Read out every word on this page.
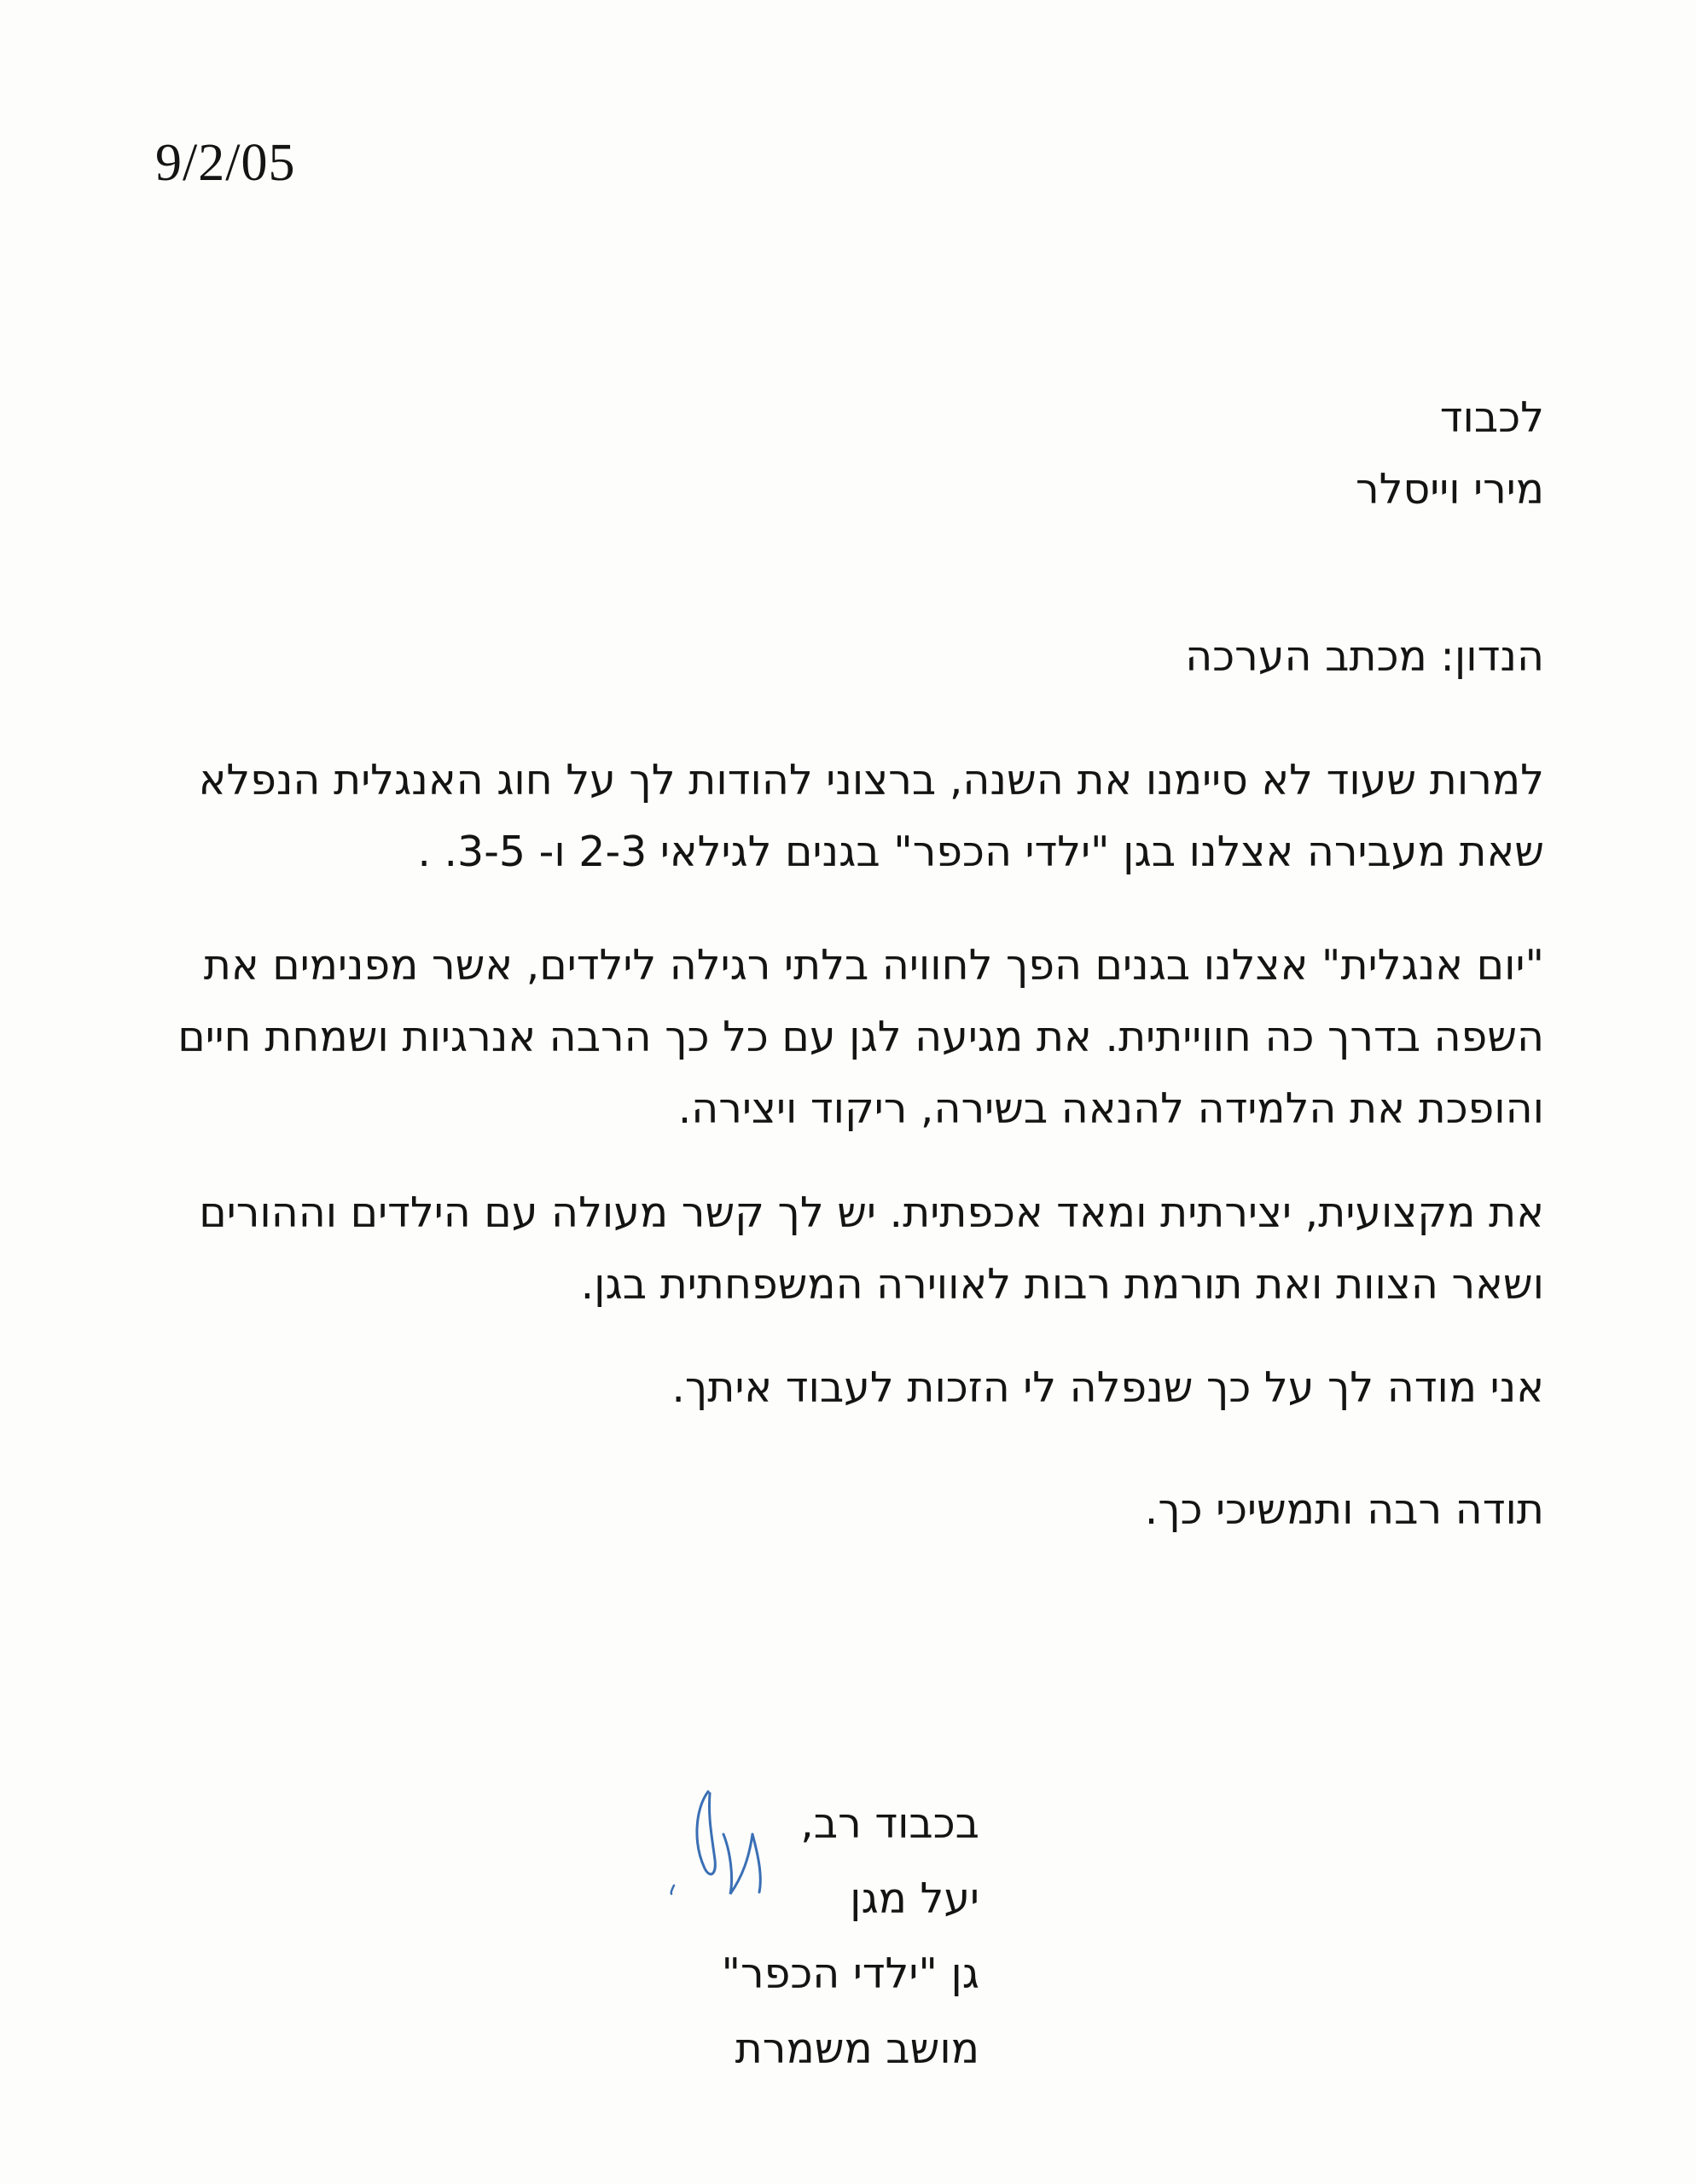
9/2/05
לכבוד
מירי וייסלר
הנדון: מכתב הערכה
למרות שעוד לא סיימנו את השנה, ברצוני להודות לך על חוג האנגלית הנפלא
שאת מעבירה אצלנו בגן "ילדי הכפר" בגנים לגילאי 2-3 ו- 3-5. .
"יום אנגלית" אצלנו בגנים הפך לחוויה בלתי רגילה לילדים, אשר מפנימים את
השפה בדרך כה חווייתית. את מגיעה לגן עם כל כך הרבה אנרגיות ושמחת חיים
והופכת את הלמידה להנאה בשירה, ריקוד ויצירה.
את מקצועית, יצירתית ומאד אכפתית. יש לך קשר מעולה עם הילדים וההורים
ושאר הצוות ואת תורמת רבות לאווירה המשפחתית בגן.
אני מודה לך על כך שנפלה לי הזכות לעבוד איתך.
תודה רבה ותמשיכי כך.
בכבוד רב,
יעל מגן
גן "ילדי הכפר"
מושב משמרת
